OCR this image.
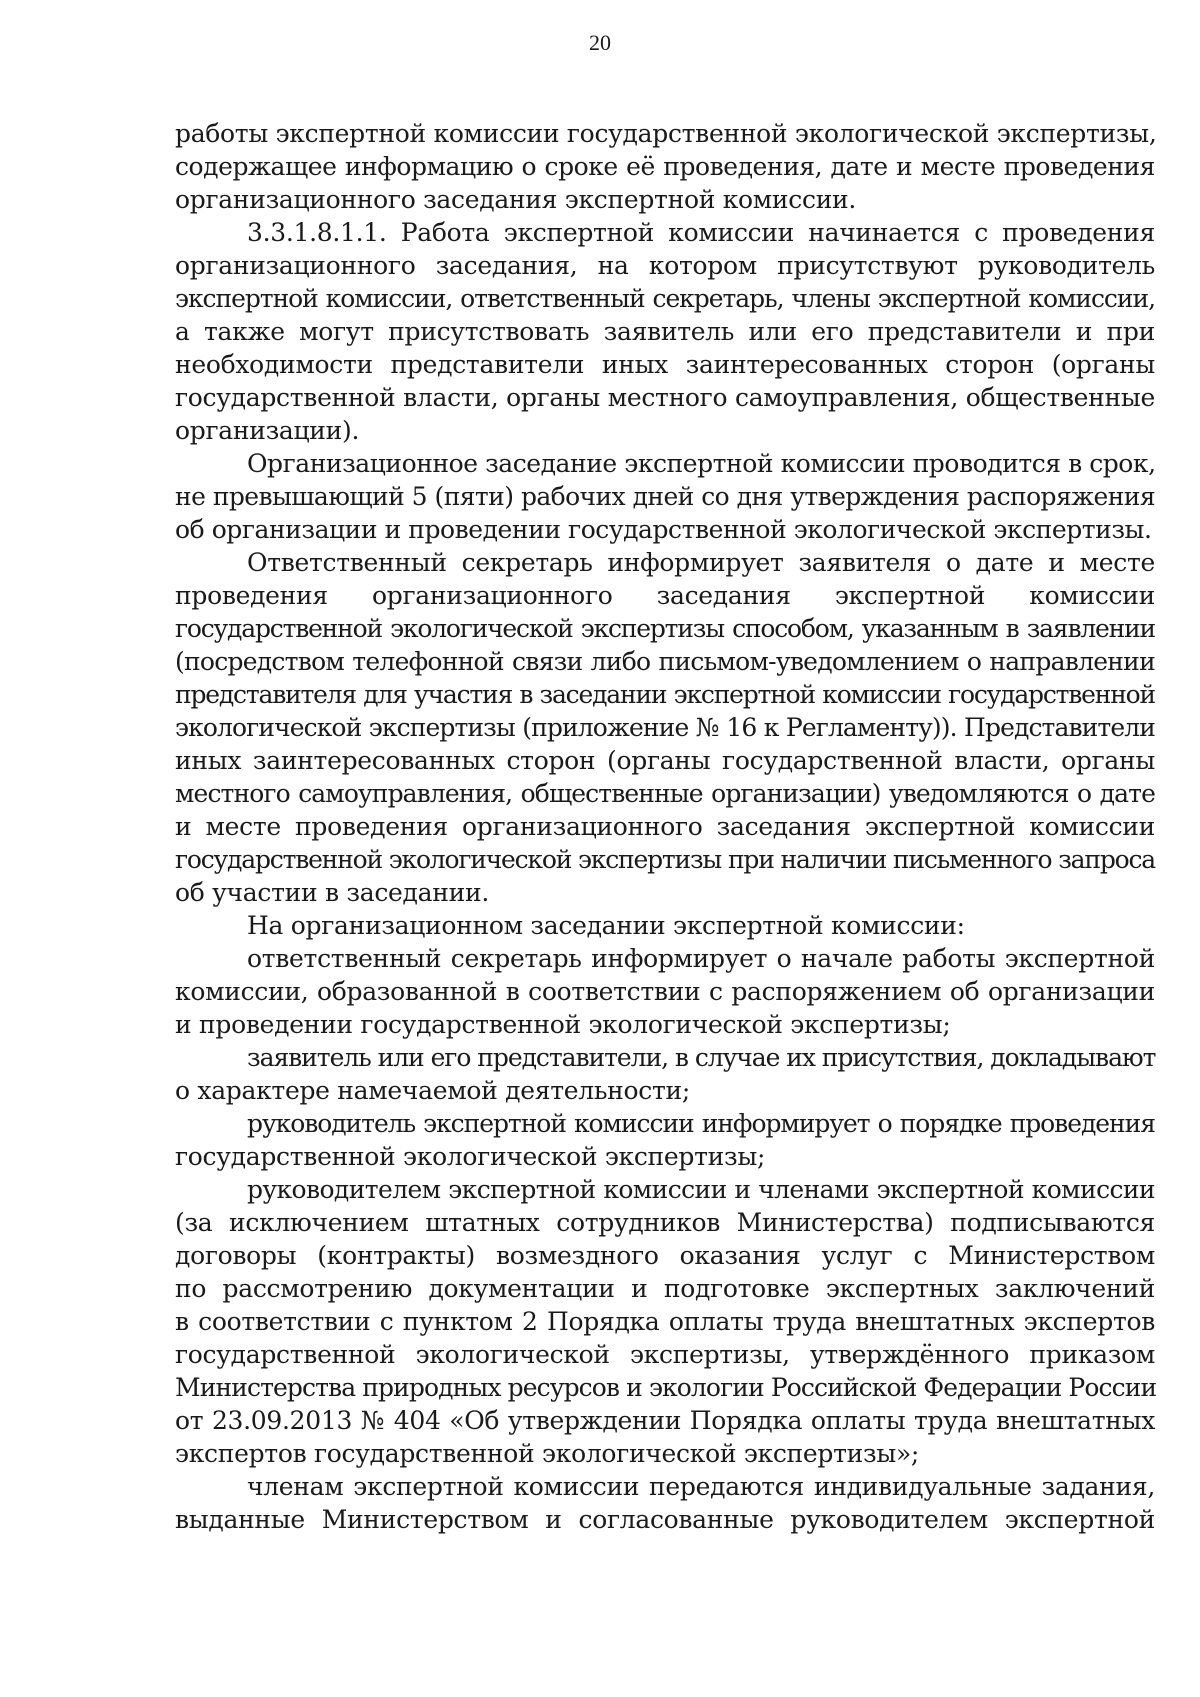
20
работы экспертной комиссии государственной экологической экспертизы,
содержащее информацию о сроке её проведения, дате и месте проведения
организационного заседания экспертной комиссии.
3.3.1.8.1.1. Работа экспертной комиссии начинается с проведения
организационного заседания, на котором присутствуют руководитель
экспертной комиссии, ответственный секретарь, члены экспертной комиссии,
а также могут присутствовать заявитель или его представители и при
необходимости представители иных заинтересованных сторон (органы
государственной власти, органы местного самоуправления, общественные
организации).
Организационное заседание экспертной комиссии проводится в срок,
не превышающий 5 (пяти) рабочих дней со дня утверждения распоряжения
об организации и проведении государственной экологической экспертизы.
Ответственный секретарь информирует заявителя о дате и месте
проведения организационного заседания экспертной комиссии
государственной экологической экспертизы способом, указанным в заявлении
(посредством телефонной связи либо письмом-уведомлением о направлении
представителя для участия в заседании экспертной комиссии государственной
экологической экспертизы (приложение № 16 к Регламенту)). Представители
иных заинтересованных сторон (органы государственной власти, органы
местного самоуправления, общественные организации) уведомляются о дате
и месте проведения организационного заседания экспертной комиссии
государственной экологической экспертизы при наличии письменного запроса
об участии в заседании.
На организационном заседании экспертной комиссии:
ответственный секретарь информирует о начале работы экспертной
комиссии, образованной в соответствии с распоряжением об организации
и проведении государственной экологической экспертизы;
заявитель или его представители, в случае их присутствия, докладывают
о характере намечаемой деятельности;
руководитель экспертной комиссии информирует о порядке проведения
государственной экологической экспертизы;
руководителем экспертной комиссии и членами экспертной комиссии
(за исключением штатных сотрудников Министерства) подписываются
договоры (контракты) возмездного оказания услуг с Министерством
по рассмотрению документации и подготовке экспертных заключений
в соответствии с пунктом 2 Порядка оплаты труда внештатных экспертов
государственной экологической экспертизы, утверждённого приказом
Министерства природных ресурсов и экологии Российской Федерации России
от 23.09.2013 № 404 «Об утверждении Порядка оплаты труда внештатных
экспертов государственной экологической экспертизы»;
членам экспертной комиссии передаются индивидуальные задания,
выданные Министерством и согласованные руководителем экспертной
